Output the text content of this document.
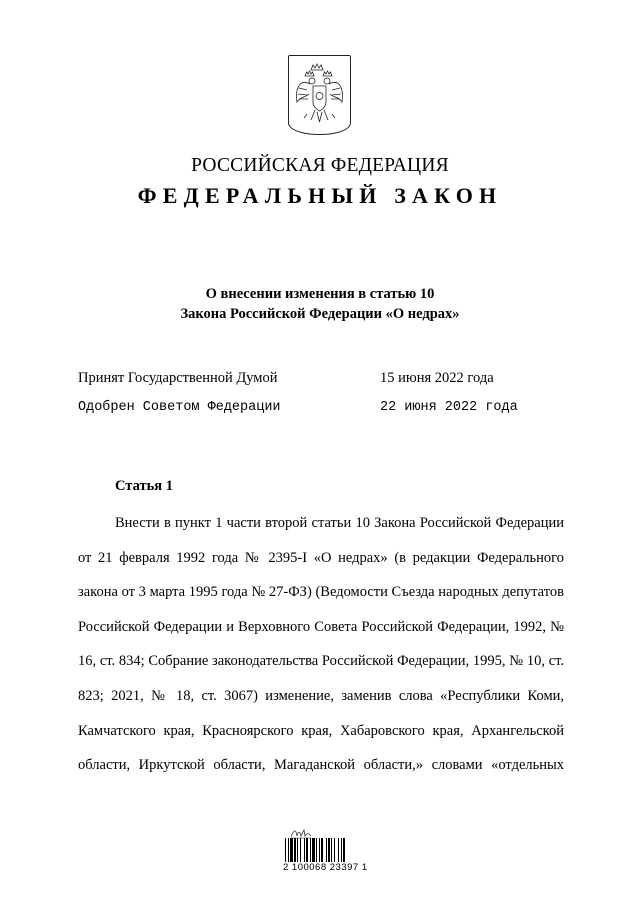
РОССИЙСКАЯ ФЕДЕРАЦИЯ
ФЕДЕРАЛЬНЫЙ ЗАКОН
О внесении изменения в статью 10
Закона Российской Федерации «О недрах»
Принят Государственной Думой	15 июня 2022 года
Одобрен Советом Федерации	22 июня 2022 года
Статья 1
Внести в пункт 1 части второй статьи 10 Закона Российской Федерации от 21 февраля 1992 года № 2395-I «О недрах» (в редакции Федерального закона от 3 марта 1995 года № 27-ФЗ) (Ведомости Съезда народных депутатов Российской Федерации и Верховного Совета Российской Федерации, 1992, № 16, ст. 834; Собрание законодательства Российской Федерации, 1995, № 10, ст. 823; 2021, № 18, ст. 3067) изменение, заменив слова «Республики Коми, Камчатского края, Красноярского края, Хабаровского края, Архангельской области, Иркутской области, Магаданской области,» словами «отдельных
2 100068 23397 1
